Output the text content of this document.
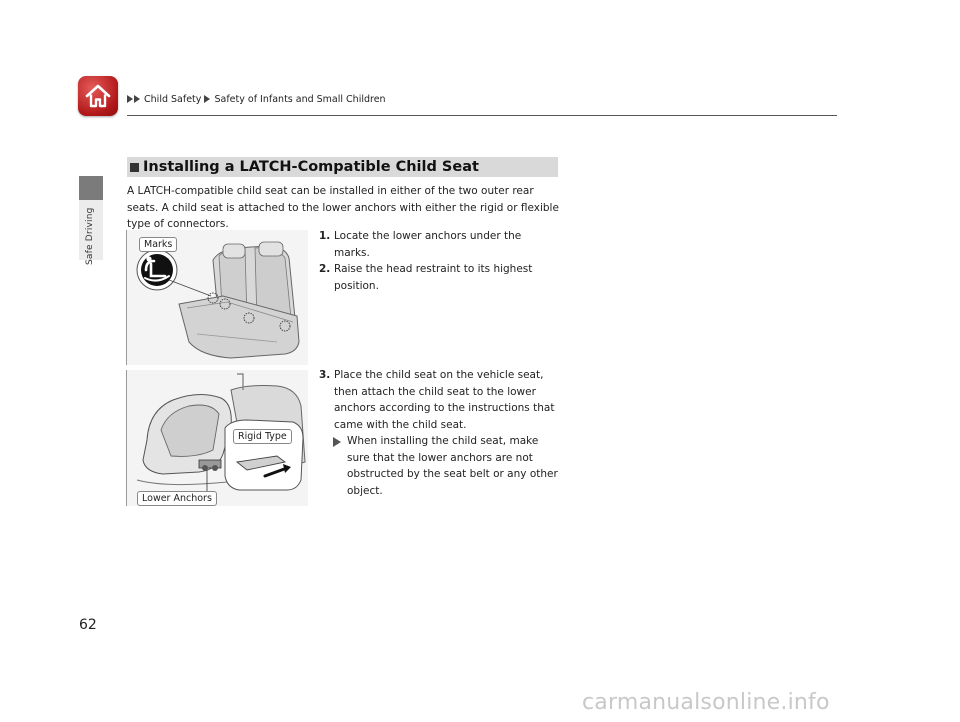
Child Safety Safety of Infants and Small Children
Safe Driving
Installing a LATCH-Compatible Child Seat

A LATCH-compatible child seat can be installed in either of the two outer rear seats. A child seat is attached to the lower anchors with either the rigid or flexible type of connectors.

Marks
Rigid Type
Lower Anchors

1. Locate the lower anchors under the marks.

2. Raise the head restraint to its highest position.

3. Place the child seat on the vehicle seat, then attach the child seat to the lower anchors according to the instructions that came with the child seat.

When installing the child seat, make sure that the lower anchors are not obstructed by the seat belt or any other object.

62
carmanualsonline.info
